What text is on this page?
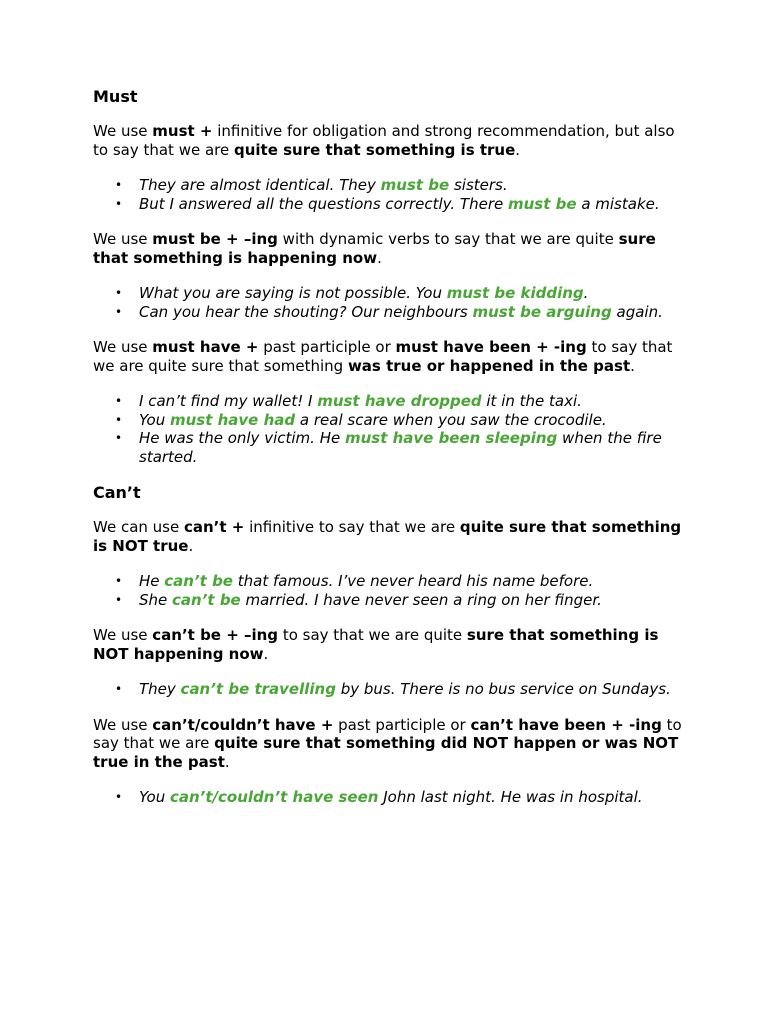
Must

We use must + infinitive for obligation and strong recommendation, but also to say that we are quite sure that something is true.

• They are almost identical. They must be sisters.
• But I answered all the questions correctly. There must be a mistake.

We use must be + –ing with dynamic verbs to say that we are quite sure that something is happening now.

• What you are saying is not possible. You must be kidding.
• Can you hear the shouting? Our neighbours must be arguing again.

We use must have + past participle or must have been + -ing to say that we are quite sure that something was true or happened in the past.

• I can’t find my wallet! I must have dropped it in the taxi.
• You must have had a real scare when you saw the crocodile.
• He was the only victim. He must have been sleeping when the fire started.
Can’t

We can use can’t + infinitive to say that we are quite sure that something is NOT true.

• He can’t be that famous. I’ve never heard his name before.
• She can’t be married. I have never seen a ring on her finger.

We use can’t be + –ing to say that we are quite sure that something is NOT happening now.

• They can’t be travelling by bus. There is no bus service on Sundays.

We use can’t/couldn’t have + past participle or can’t have been + -ing to say that we are quite sure that something did NOT happen or was NOT true in the past.

• You can’t/couldn’t have seen John last night. He was in hospital.
